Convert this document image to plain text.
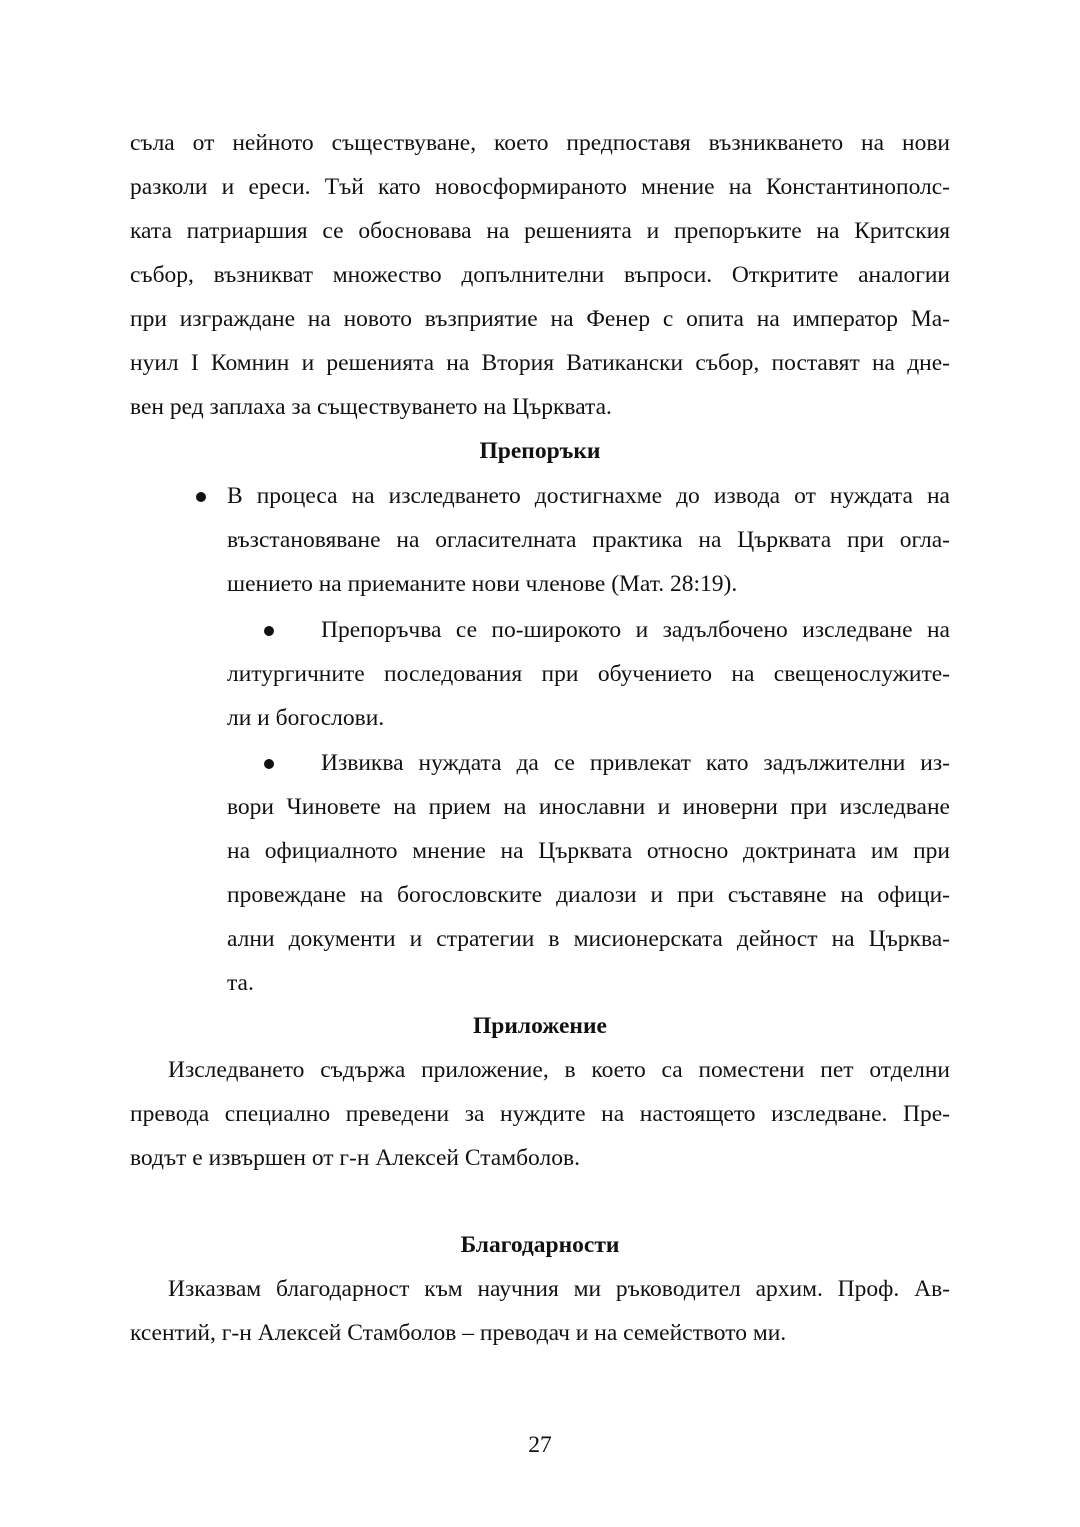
съла от нейното съществуване, което предпоставя възникването на нови
разколи и ереси. Тъй като новосформираното мнение на Константинополс-
ката патриаршия се обосновава на решенията и препоръките на Критския
събор, възникват множество допълнителни въпроси. Откритите аналогии
при изграждане на новото възприятие на Фенер с опита на император Ма-
нуил I Комнин и решенията на Втория Ватикански събор, поставят на дне-
вен ред заплаха за съществуването на Църквата.
Препоръки
В процеса на изследването достигнахме до извода от нуждата на
възстановяване на огласителната практика на Църквата при огла-
шението на приеманите нови членове (Мат. 28:19).
Препоръчва се по-широкото и задълбочено изследване на
литургичните последования при обучението на свещенослужите-
ли и богослови.
Извиква нуждата да се привлекат като задължителни из-
вори Чиновете на прием на инославни и иноверни при изследване
на официалното мнение на Църквата относно доктрината им при
провеждане на богословските диалози и при съставяне на офици-
ални документи и стратегии в мисионерската дейност на Църква-
та.
Приложение
Изследването съдържа приложение, в което са поместени пет отделни
превода специално преведени за нуждите на настоящето изследване. Пре-
водът е извършен от г-н Алексей Стамболов.
Благодарности
Изказвам благодарност към научния ми ръководител архим. Проф. Ав-
ксентий, г-н Алексей Стамболов – преводач и на семейството ми.
27
